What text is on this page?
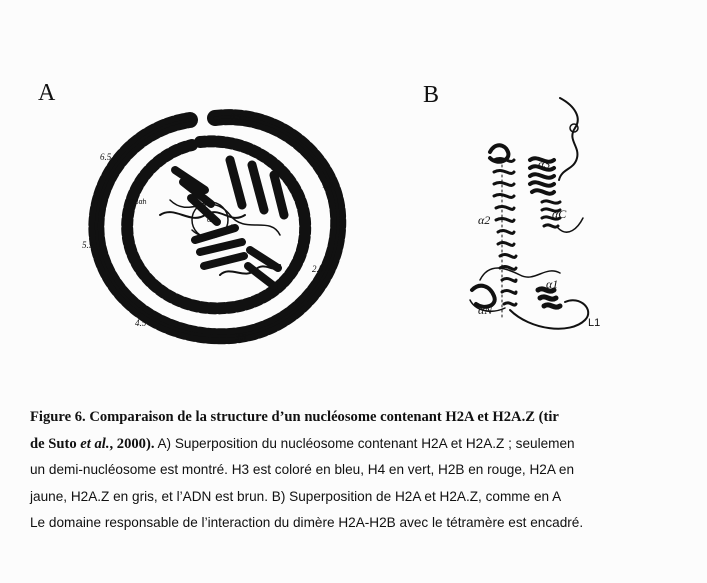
A	B
0.5
1.5
2.5
3.5
4.5
5.5
6.5
H2Bαh
αC
α3
αC
α2
α1
αN
L1
Figure 6. Comparaison de la structure d’un nucléosome contenant H2A et H2A.Z (tir
de Suto et al., 2000). A) Superposition du nucléosome contenant H2A et H2A.Z ; seulemen
un demi-nucléosome est montré. H3 est coloré en bleu, H4 en vert, H2B en rouge, H2A en
jaune, H2A.Z en gris, et l’ADN est brun. B) Superposition de H2A et H2A.Z, comme en A
Le domaine responsable de l’interaction du dimère H2A-H2B avec le tétramère est encadré.
